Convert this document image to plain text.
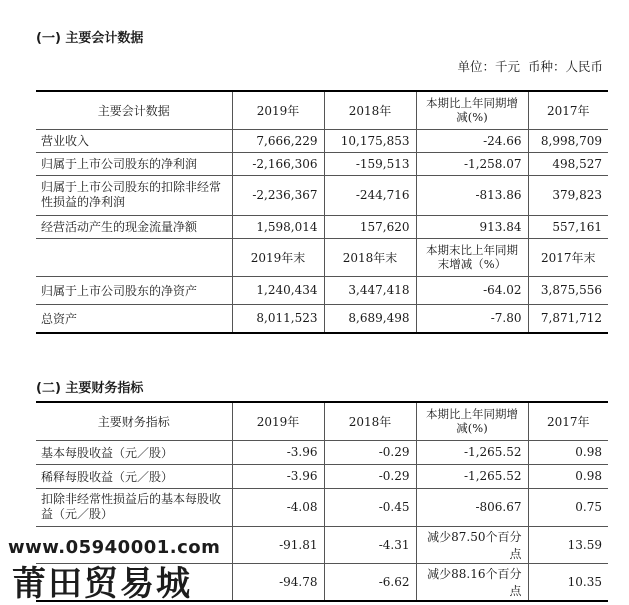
(一) 主要会计数据
单位：千元 币种：人民币
主要会计数据	2019年	2018年	本期比上年同期增减(%)	2017年
营业收入	7,666,229	10,175,853	-24.66	8,998,709
归属于上市公司股东的净利润	-2,166,306	-159,513	-1,258.07	498,527
归属于上市公司股东的扣除非经常性损益的净利润	-2,236,367	-244,716	-813.86	379,823
经营活动产生的现金流量净额	1,598,014	157,620	913.84	557,161
	2019年末	2018年末	本期末比上年同期末增减（%）	2017年末
归属于上市公司股东的净资产	1,240,434	3,447,418	-64.02	3,875,556
总资产	8,011,523	8,689,498	-7.80	7,871,712
(二) 主要财务指标
主要财务指标	2019年	2018年	本期比上年同期增减(%)	2017年
基本每股收益（元／股）	-3.96	-0.29	-1,265.52	0.98
稀释每股收益（元／股）	-3.96	-0.29	-1,265.52	0.98
扣除非经常性损益后的基本每股收益（元／股）	-4.08	-0.45	-806.67	0.75
	-91.81	-4.31	减少87.50个百分点	13.59
	-94.78	-6.62	减少88.16个百分点	10.35
www.05940001.com
莆田贸易城
